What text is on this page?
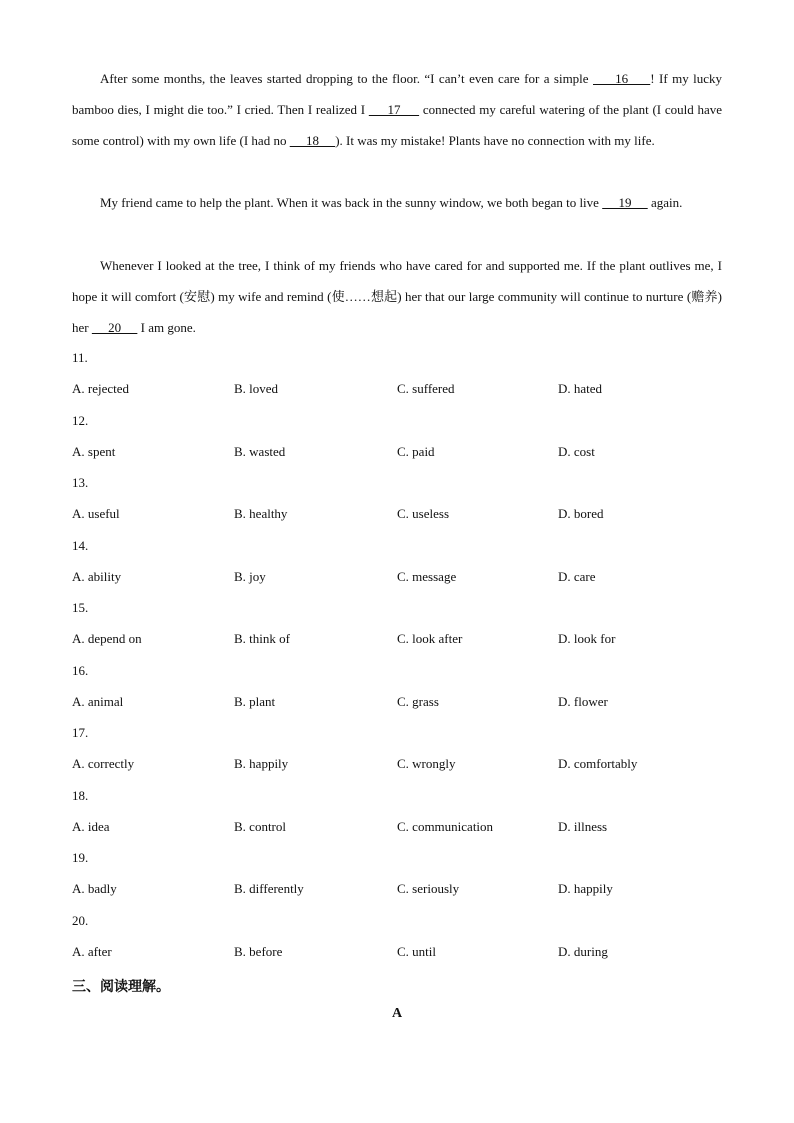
After some months, the leaves started dropping to the floor. “I can’t even care for a simple      16     ! If my lucky bamboo dies, I might die too.” I cried. Then I realized I      17      connected my careful watering of the plant (I could have some control) with my own life (I had no      18     ). It was my mistake! Plants have no connection with my life.

My friend came to help the plant. When it was back in the sunny window, we both began to live      19      again.

Whenever I looked at the tree, I think of my friends who have cared for and supported me. If the plant outlives me, I hope it will comfort (安慰) my wife and remind (使……想起) her that our large community will continue to nurture (赡养) her      20      I am gone.

11.
A. rejected	B. loved	C. suffered	D. hated
12.
A. spent	B. wasted	C. paid	D. cost
13.
A. useful	B. healthy	C. useless	D. bored
14.
A. ability	B. joy	C. message	D. care
15.
A. depend on	B. think of	C. look after	D. look for
16.
A. animal	B. plant	C. grass	D. flower
17.
A. correctly	B. happily	C. wrongly	D. comfortably
18.
A. idea	B. control	C. communication	D. illness
19.
A. badly	B. differently	C. seriously	D. happily
20.
A. after	B. before	C. until	D. during
三、阅读理解。
A
